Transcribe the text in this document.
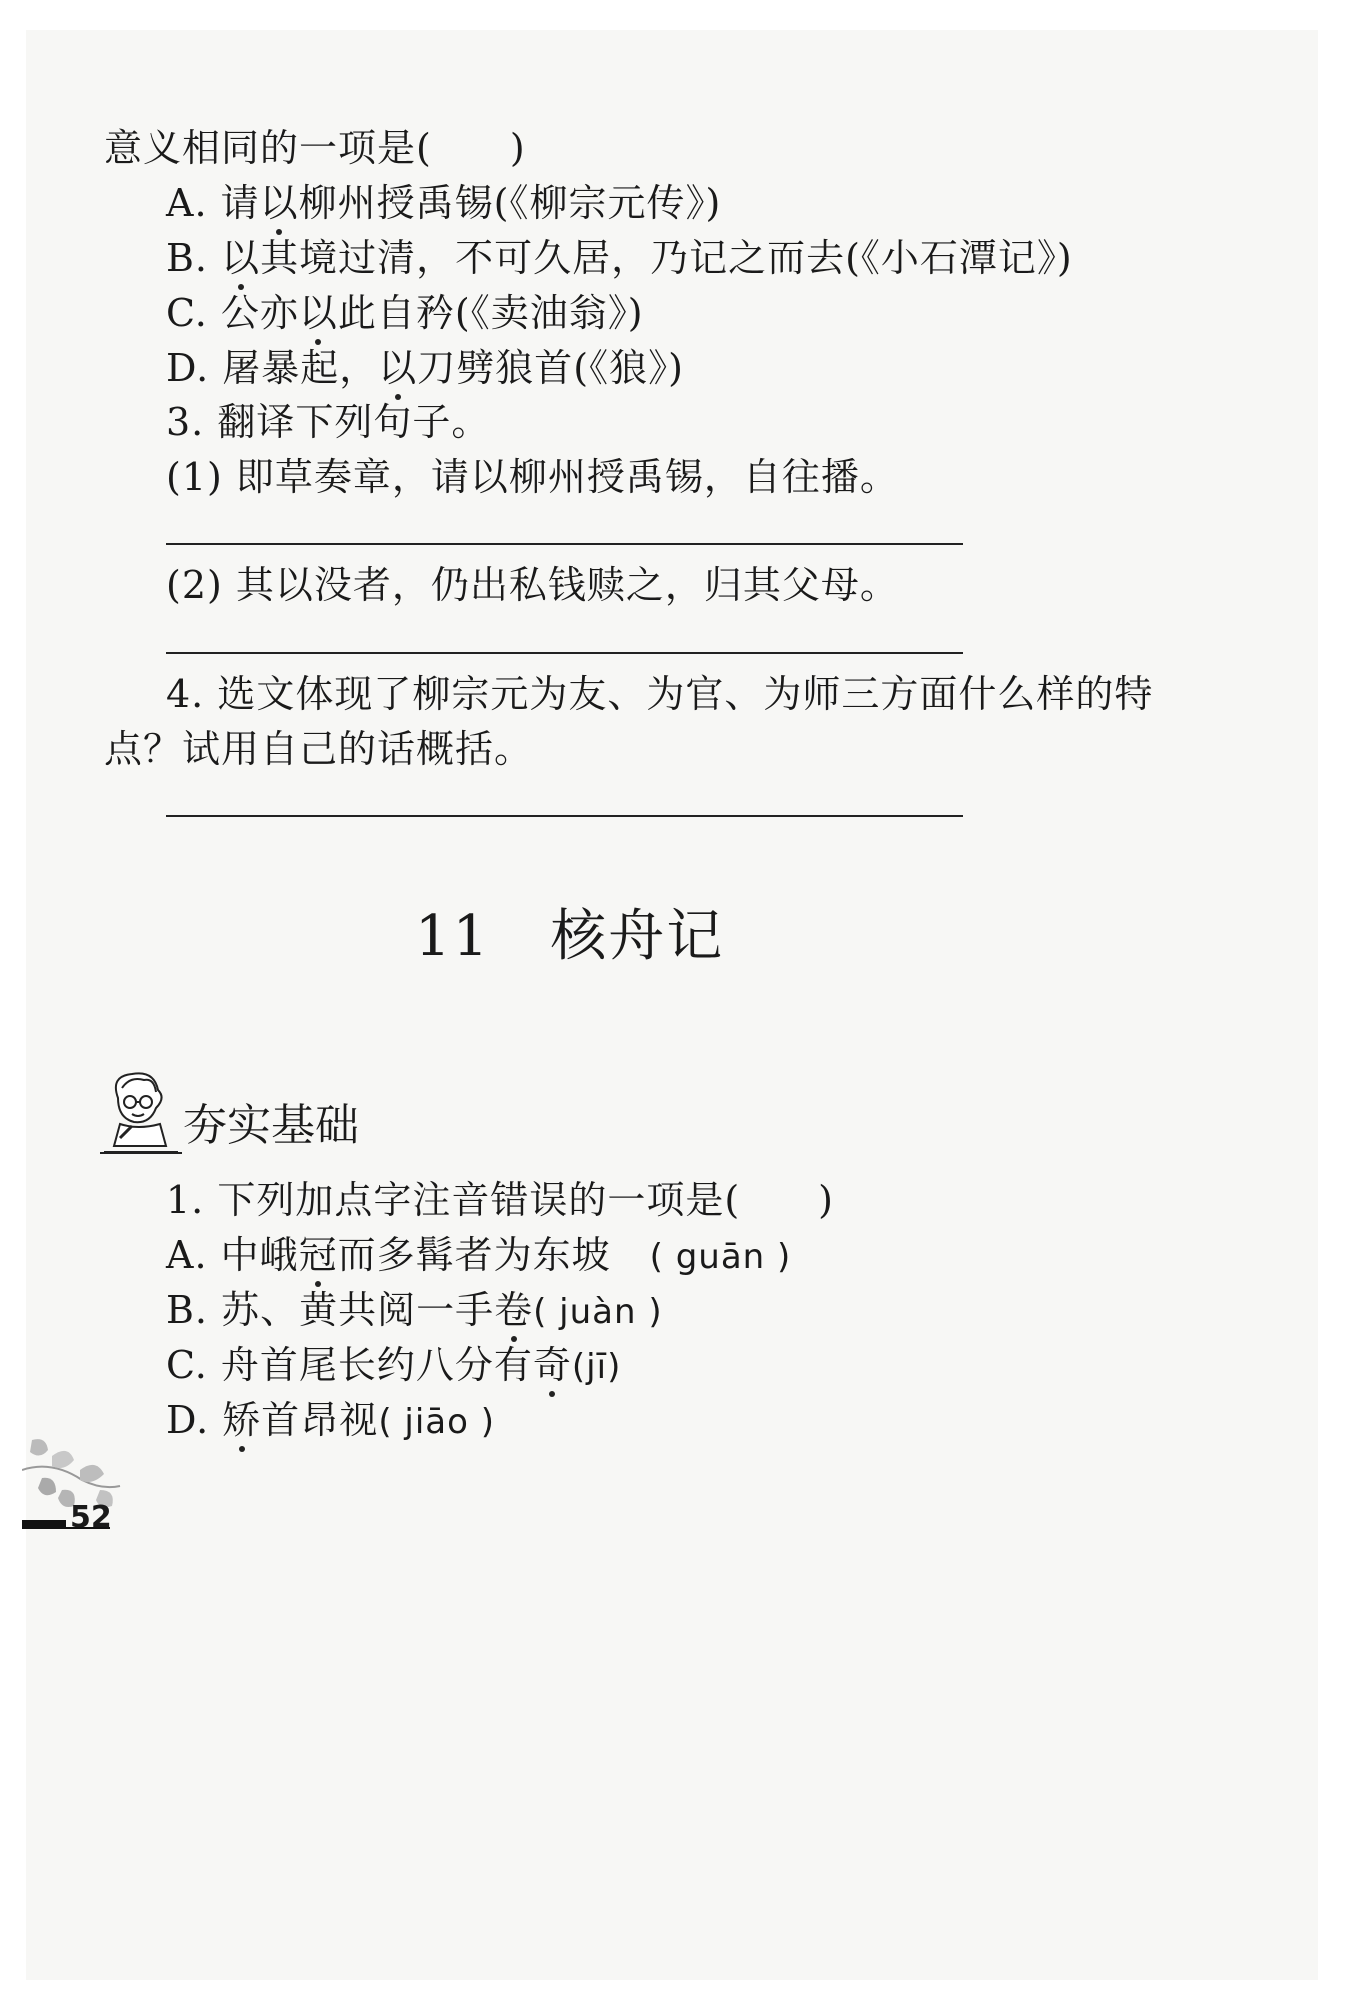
意义相同的一项是(　　)
A. 请以柳州授禹锡(《柳宗元传》)
B. 以其境过清，不可久居，乃记之而去(《小石潭记》)
C. 公亦以此自矜(《卖油翁》)
D. 屠暴起，以刀劈狼首(《狼》)
3. 翻译下列句子。
(1) 即草奏章，请以柳州授禹锡，自往播。
(2) 其以没者，仍出私钱赎之，归其父母。
4. 选文体现了柳宗元为友、为官、为师三方面什么样的特
点？试用自己的话概括。
11 核舟记
夯实基础
1. 下列加点字注音错误的一项是(　　)
A. 中峨冠而多髯者为东坡　( guān )
B. 苏、黄共阅一手卷( juàn )
C. 舟首尾长约八分有奇(jī)
D. 矫首昂视( jiāo )
52
